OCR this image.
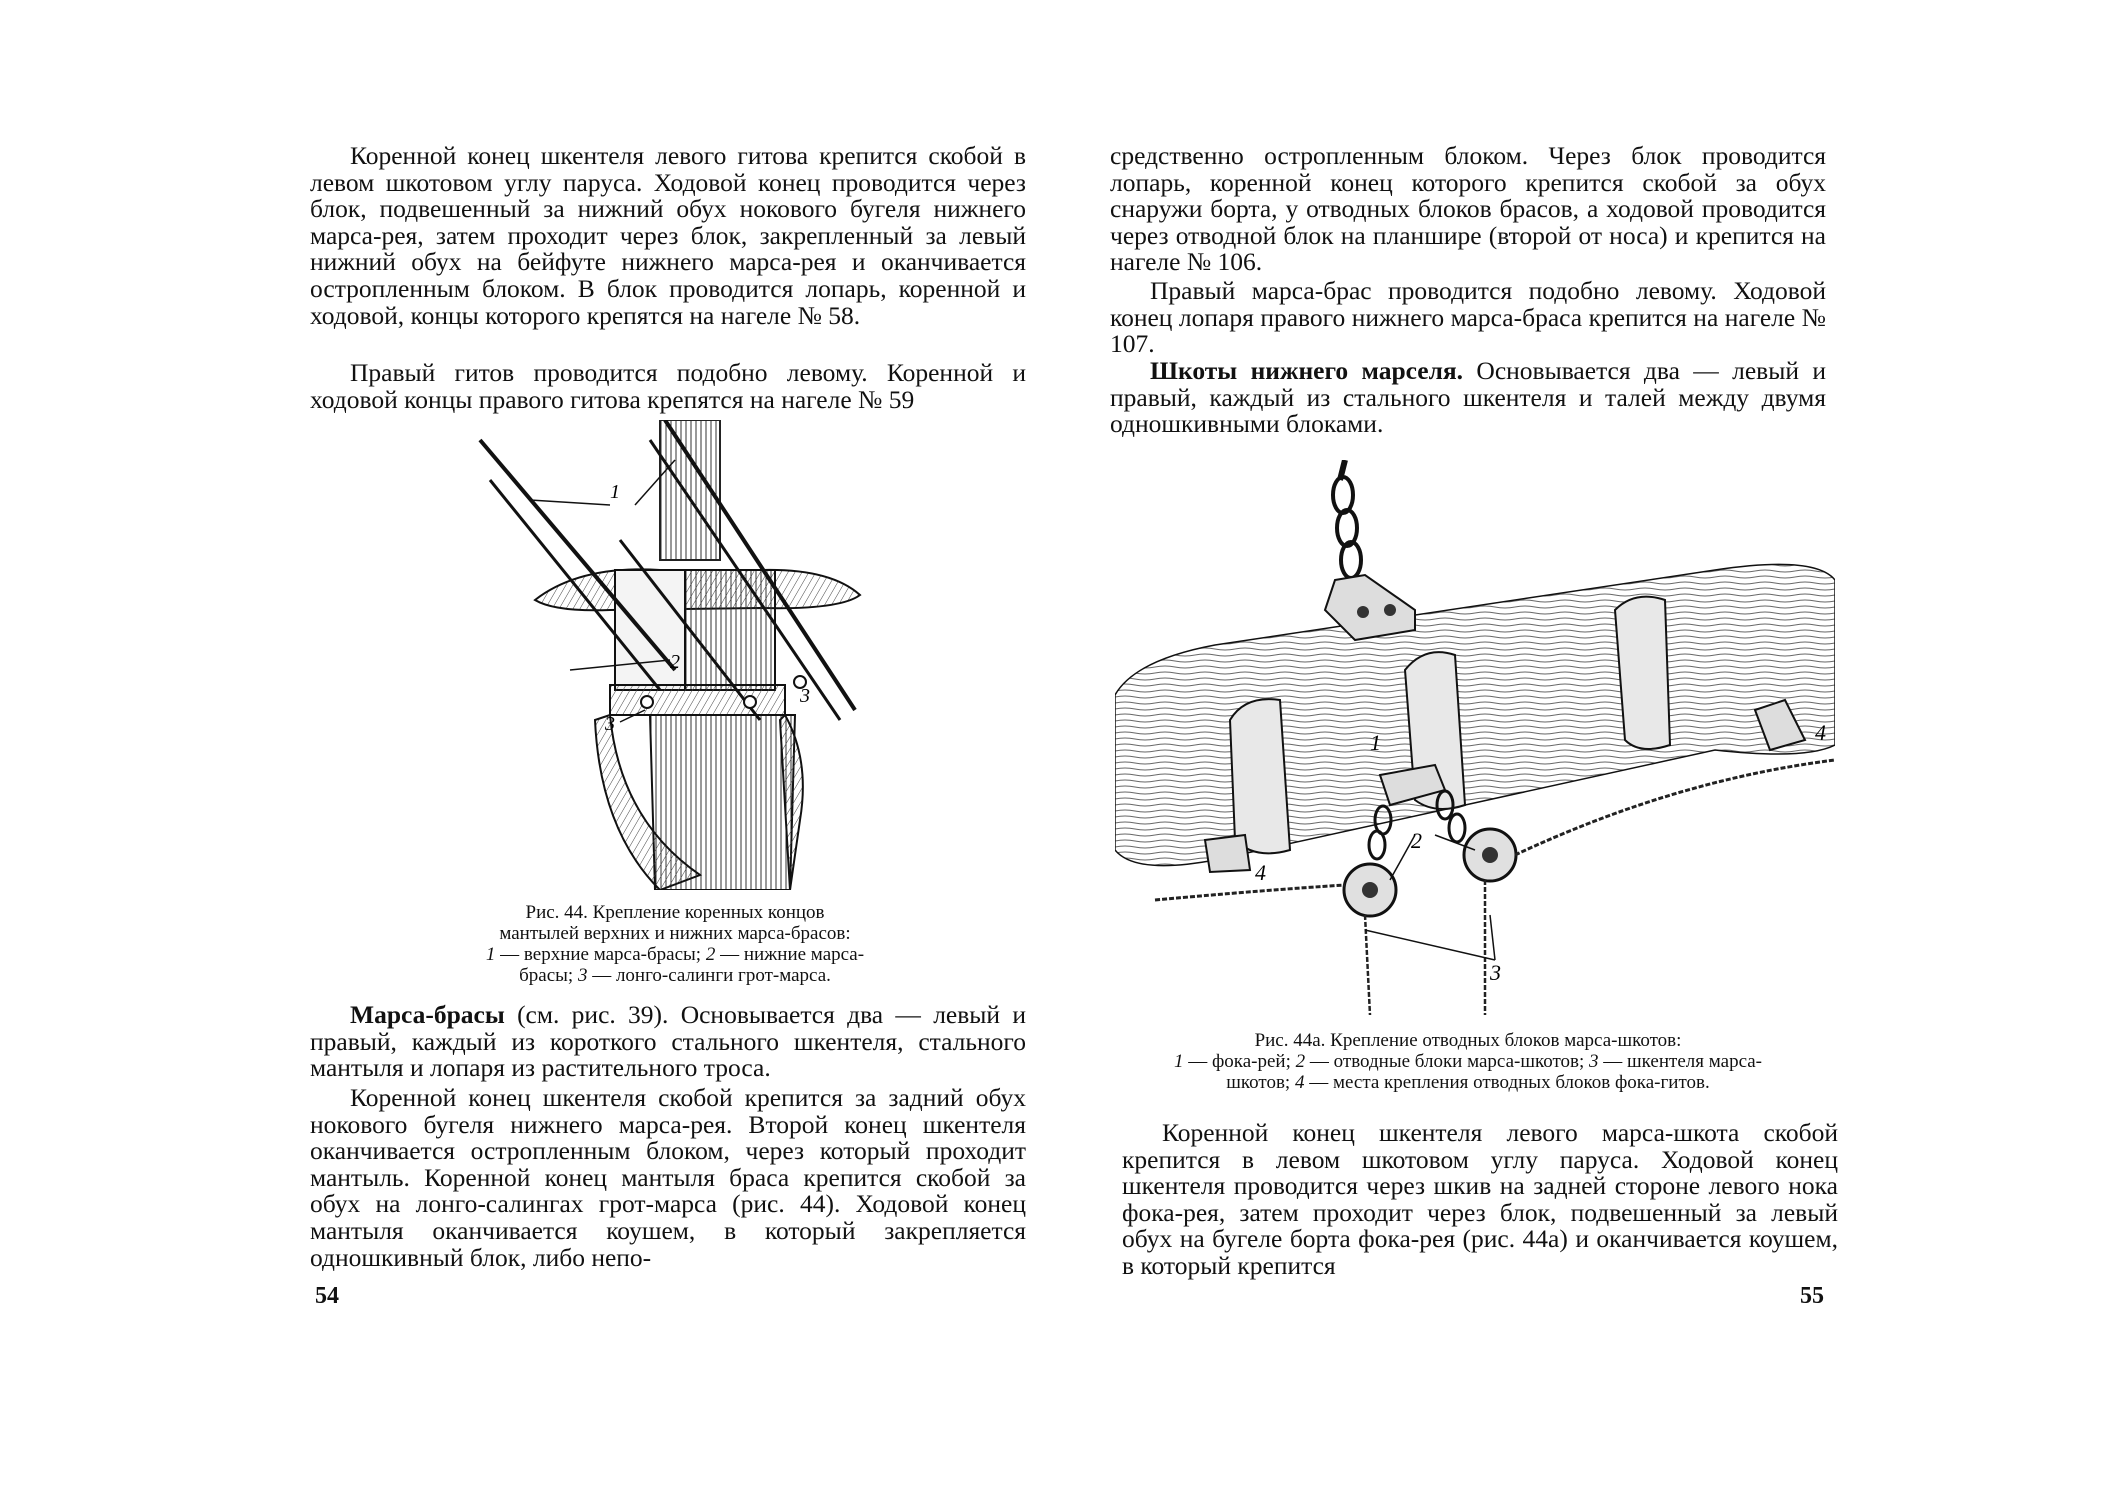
Коренной конец шкентеля левого гитова крепится скобой в левом шкотовом углу паруса. Ходовой конец проводится через блок, подвешенный за нижний обух нокового бугеля нижнего марса-рея, затем проходит через блок, закрепленный за левый нижний обух на бейфуте нижнего марса-рея и оканчивается остропленным блоком. В блок проводится лопарь, коренной и ходовой, концы которого крепятся на нагеле № 58.

Правый гитов проводится подобно левому. Коренной и ходовой концы правого гитова крепятся на нагеле № 59

1
2
3
3

Рис. 44. Крепление коренных концов

мантылей верхних и нижних марса-брасов:

1 — верхние марса-брасы; 2 — нижние марса-

брасы; 3 — лонго-салинги грот-марса.

Марса-брасы (см. рис. 39). Основывается два — левый и правый, каждый из короткого стального шкентеля, стального мантыля и лопаря из растительного троса.

Коренной конец шкентеля скобой крепится за задний обух нокового бугеля нижнего марса-рея. Второй конец шкентеля оканчивается остропленным блоком, через который проходит мантыль. Коренной конец мантыля браса крепится скобой за обух на лонго-салингах грот-марса (рис. 44). Ходовой конец мантыля оканчивается коушем, в который закрепляется одношкивный блок, либо непо-

54

средственно остропленным блоком. Через блок проводится лопарь, коренной конец которого крепится скобой за обух снаружи борта, у отводных блоков брасов, а ходовой проводится через отводной блок на планшире (второй от носа) и крепится на нагеле № 106.

Правый марса-брас проводится подобно левому. Ходовой конец лопаря правого нижнего марса-браса крепится на нагеле № 107.

Шкоты нижнего марселя. Основывается два — левый и правый, каждый из стального шкентеля и талей между двумя одношкивными блоками.

1
2
3
4
4

Рис. 44а. Крепление отводных блоков марса-шкотов:

1 — фока-рей; 2 — отводные блоки марса-шкотов; 3 — шкентеля марса-

шкотов; 4 — места крепления отводных блоков фока-гитов.

Коренной конец шкентеля левого марса-шкота скобой крепится в левом шкотовом углу паруса. Ходовой конец шкентеля проводится через шкив на задней стороне левого нока фока-рея, затем проходит через блок, подвешенный за левый обух на бугеле борта фока-рея (рис. 44а) и оканчивается коушем, в который крепится

55
